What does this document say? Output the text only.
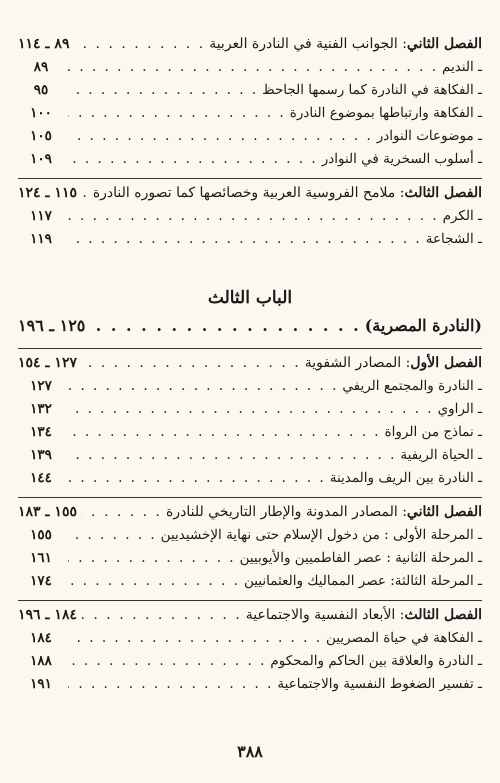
الفصل الثاني: الجوانب الفنية في النادرة العربية
. . .
٨٩ ـ ١١٤
ـ النديم
. . .
٨٩
ـ الفكاهة في النادرة كما رسمها الجاحظ
. . .
٩٥
ـ الفكاهة وارتباطها بموضوع النادرة
. . .
١٠٠
ـ موضوعات النوادر
. . .
١٠٥
ـ أسلوب السخرية في النوادر
. . .
١٠٩
الفصل الثالث: ملامح الفروسية العربية وخصائصها كما تصوره النادرة
. . .
١١٥ ـ ١٢٤
ـ الكرم
. . .
١١٧
ـ الشجاعة
. . .
١١٩
الباب الثالث
(النادرة المصرية)
. . .
١٢٥ ـ ١٩٦
الفصل الأول: المصادر الشفوية
. . .
١٢٧ ـ ١٥٤
ـ النادرة والمجتمع الريفي
. . .
١٢٧
ـ الراوي
. . .
١٣٢
ـ نماذج من الرواة
. . .
١٣٤
ـ الحياة الريفية
. . .
١٣٩
ـ النادرة بين الريف والمدينة
. . .
١٤٤
الفصل الثاني: المصادر المدونة والإطار التاريخي للنادرة
. . .
١٥٥ ـ ١٨٣
ـ المرحلة الأولى : من دخول الإسلام حتى نهاية الإخشيديين
. . .
١٥٥
ـ المرحلة الثانية : عصر الفاطميين والأيوبيين
. . .
١٦١
ـ المرحلة الثالثة: عصر المماليك والعثمانيين
. . .
١٧٤
الفصل الثالث: الأبعاد النفسية والاجتماعية
. . .
١٨٤ ـ ١٩٦
ـ الفكاهة في حياة المصريين
. . .
١٨٤
ـ النادرة والعلاقة بين الحاكم والمحكوم
. . .
١٨٨
ـ تفسير الضغوط النفسية والاجتماعية
. . .
١٩١
٣٨٨
